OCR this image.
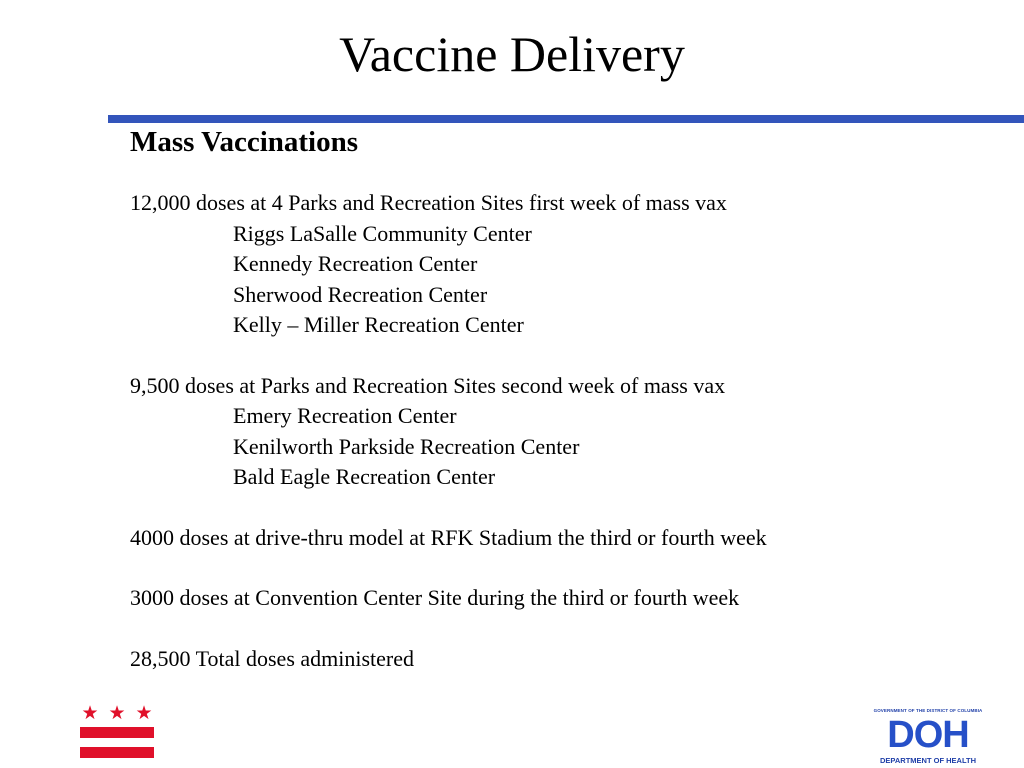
Vaccine Delivery
Mass Vaccinations
12,000 doses at 4 Parks and Recreation Sites first week of mass vax
Riggs LaSalle Community Center
Kennedy Recreation Center
Sherwood Recreation Center
Kelly – Miller Recreation Center
9,500 doses at Parks and Recreation Sites second week of mass vax
Emery Recreation Center
Kenilworth Parkside Recreation Center
Bald Eagle Recreation Center
4000 doses at drive-thru model at RFK Stadium the third or fourth week
3000 doses at Convention Center Site during the third or fourth week
28,500 Total doses administered
★ ★ ★	GOVERNMENT OF THE DISTRICT OF COLUMBIA
DOH
DEPARTMENT OF HEALTH
